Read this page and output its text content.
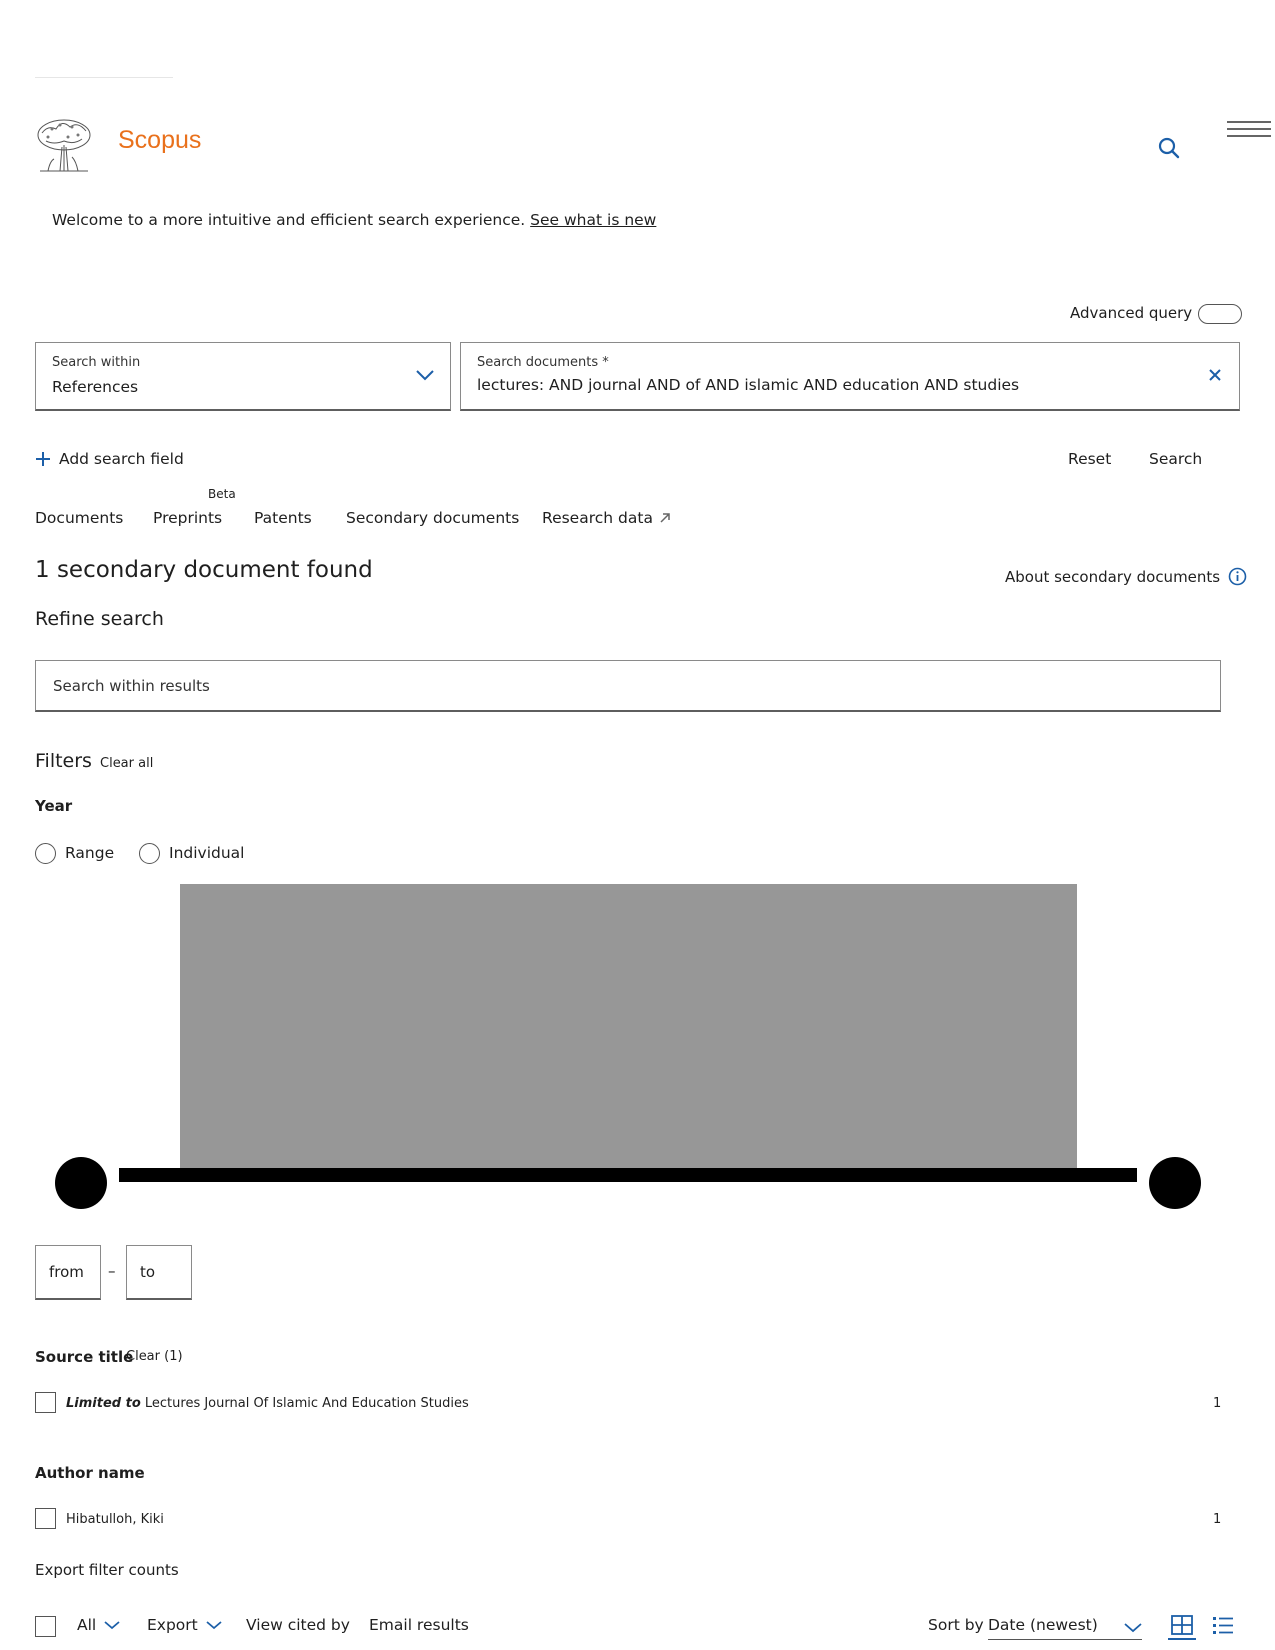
Scopus
Welcome to a more intuitive and efficient search experience. See what is new
Advanced query
Search within
References
Search documents *
lectures: AND journal AND of AND islamic AND education AND studies
Add search field	Reset Search
Beta
Documents Preprints Patents Secondary documents Research data
1 secondary document found	About secondary documents
Refine search
Search within results
Filters Clear all
Year
Range	Individual
from – to
Source title
Clear (1)
Limited to Lectures Journal Of Islamic And Education Studies	1
Author name
Hibatulloh, Kiki	1
Export filter counts
All	Export	View cited by Email results	Sort by Date (newest)
